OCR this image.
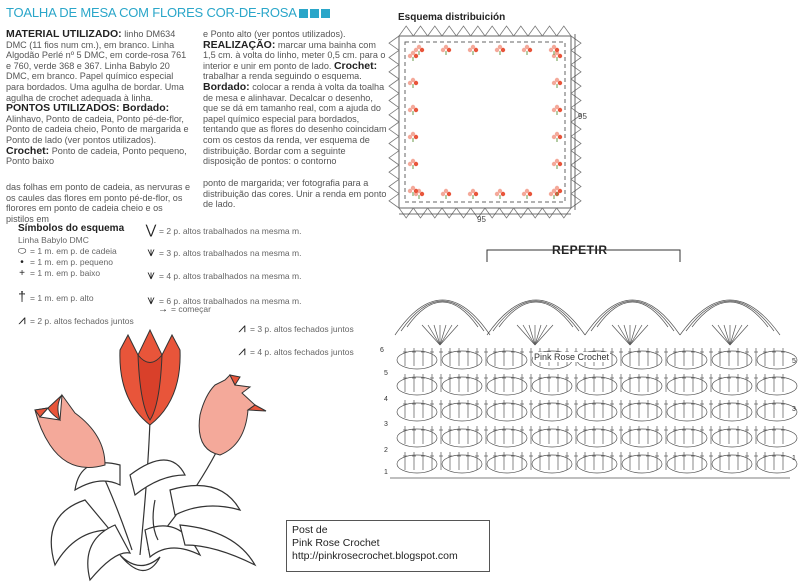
TOALHA DE MESA COM FLORES COR-DE-ROSA
MATERIAL UTILIZADO: linho DM634 DMC (11 fios num cm.), em branco. Linha Algodão Perlé nº 5 DMC, em corde-rosa 761 e 760, verde 368 e 367. Linha Babylo 20 DMC, em branco. Papel químico especial para bordados. Uma agulha de bordar. Uma agulha de crochet adequada à linha.
PONTOS UTILIZADOS: Bordado: Alinhavo, Ponto de cadeia, Ponto pé-de-flor, Ponto de cadeia cheio, Ponto de margarida e Ponto de lado (ver pontos utilizados). Crochet: Ponto de cadeia, Ponto pequeno, Ponto baixo
das folhas em ponto de cadeia, as nervuras e os caules das flores em ponto pé-de-flor, os florores em ponto de cadeia cheio e os pistilos em
e Ponto alto (ver pontos utilizados).
REALIZAÇÃO: marcar uma bainha com 1,5 cm. à volta do linho, meter 0,5 cm. para o interior e unir em ponto de lado. Crochet: trabalhar a renda seguindo o esquema. Bordado: colocar a renda à volta da toalha de mesa e alinhavar. Decalcar o desenho, que se dá em tamanho real, com a ajuda do papel químico especial para bordados, tentando que as flores do desenho coincidam com os cestos da renda, ver esquema de distribuição. Bordar com a seguinte disposição de pontos: o contorno
ponto de margarida; ver fotografia para a distribuição das cores. Unir a renda em ponto de lado.
Símbolos do esquema
Linha Babylo DMC
⬭ = 1 m. em p. de cadeia
• = 1 m. em p. pequeno
+ = 1 m. em p. baixo
† = 1 m. em p. alto
⩘ = 2 p. altos fechados juntos
⋁ = 2 p. altos trabalhados na mesma m.
⩛ = 3 p. altos trabalhados na mesma m.
⩛ = 4 p. altos trabalhados na mesma m.
⩛ = 6 p. altos trabalhados na mesma m.
→ = começar
⩘ = 3 p. altos fechados juntos
⩘ = 4 p. altos fechados juntos
Esquema distribuición
95
95
REPETIR
Pink Rose Crochet
6
5
4
3
2
1
5
3
1
Post de
Pink Rose Crochet
http://pinkrosecrochet.blogspot.com
